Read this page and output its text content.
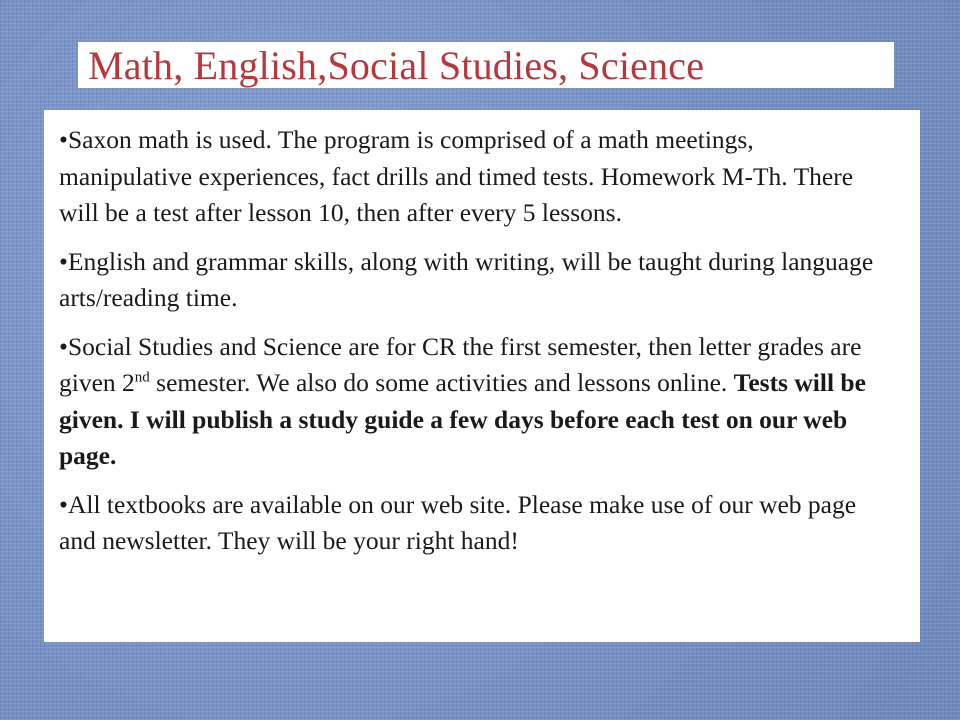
Math, English,Social Studies, Science

•Saxon math is used. The program is comprised of a math meetings, manipulative experiences, fact drills and timed tests. Homework M-Th. There will be a test after lesson 10, then after every 5 lessons.

•English and grammar skills, along with writing, will be taught during language arts/reading time.

•Social Studies and Science are for CR the first semester, then letter grades are given 2nd semester. We also do some activities and lessons online. Tests will be given. I will publish a study guide a few days before each test on our web page.

•All textbooks are available on our web site. Please make use of our web page and newsletter. They will be your right hand!
